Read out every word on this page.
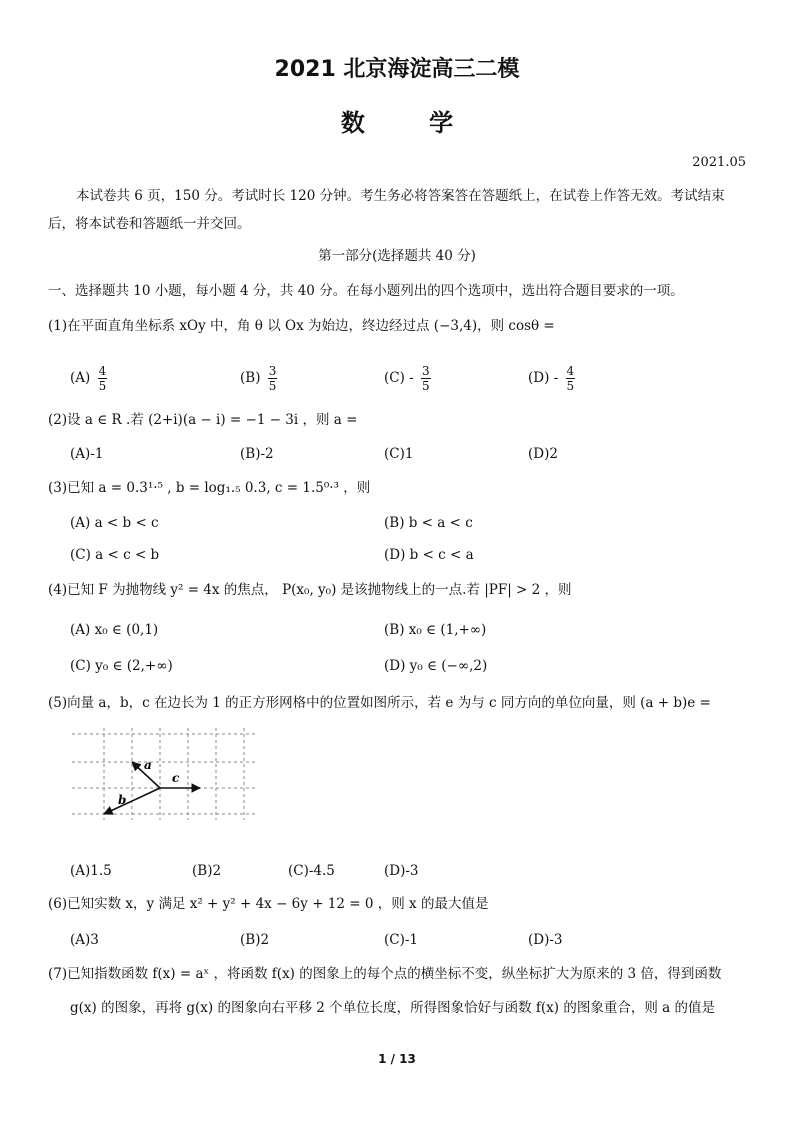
2021 北京海淀高三二模
数 学
2021.05
本试卷共 6 页，150 分。考试时长 120 分钟。考生务必将答案答在答题纸上，在试卷上作答无效。考试结束后，将本试卷和答题纸一并交回。
第一部分(选择题共 40 分)
一、选择题共 10 小题，每小题 4 分，共 40 分。在每小题列出的四个选项中，选出符合题目要求的一项。
(1)在平面直角坐标系 xOy 中，角 θ 以 Ox 为始边，终边经过点 (−3,4)，则 cosθ =
$(A) \frac{4}{5}$	$(B) \frac{3}{5}$	$(C) - \frac{3}{5}$	$(D) - \frac{4}{5}$
(2)设 a ∈ R .若 (2+i)(a − i) = −1 − 3i ，则 a =
(A)-1	(B)-2	(C)1	(D)2
(3)已知 a = 0.3¹·⁵ , b = log₁.₅ 0.3, c = 1.5⁰·³ ，则
(A) a < b < c	(B) b < a < c
(C) a < c < b	(D) b < c < a
(4)已知 F 为抛物线 y² = 4x 的焦点， P(x₀, y₀) 是该抛物线上的一点.若 |PF| > 2 ，则
(A) x₀ ∈ (0,1)	(B) x₀ ∈ (1,+∞)
(C) y₀ ∈ (2,+∞)	(D) y₀ ∈ (−∞,2)
(5)向量 a，b，c 在边长为 1 的正方形网格中的位置如图所示，若 e 为与 c 同方向的单位向量，则 (a + b)e =
a
b
c
(A)1.5	(B)2	(C)-4.5	(D)-3
(6)已知实数 x，y 满足 x² + y² + 4x − 6y + 12 = 0 ，则 x 的最大值是
(A)3	(B)2	(C)-1	(D)-3
(7)已知指数函数 f(x) = aˣ ，将函数 f(x) 的图象上的每个点的横坐标不变，纵坐标扩大为原来的 3 倍，得到函数
g(x) 的图象，再将 g(x) 的图象向右平移 2 个单位长度，所得图象恰好与函数 f(x) 的图象重合，则 a 的值是
1 / 13
